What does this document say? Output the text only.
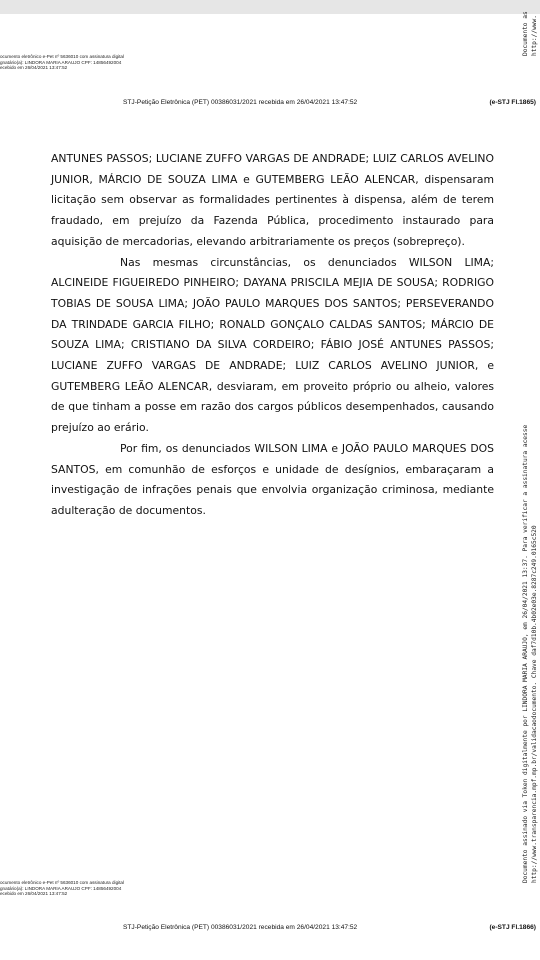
Documento as http://www.
ocumento eletrônico e-Pet nº 5636010 com assinatura digital
gnatário(a): LINDORA MARIA ARAUJO CPF: 14856492004
ecebido em 26/04/2021 13:47:52
STJ-Petição Eletrônica (PET) 00386031/2021 recebida em 26/04/2021 13:47:52	(e-STJ Fl.1865)

ANTUNES PASSOS; LUCIANE ZUFFO VARGAS DE ANDRADE; LUIZ CARLOS AVELINO JUNIOR, MÁRCIO DE SOUZA LIMA e GUTEMBERG LEÃO ALENCAR, dispensaram licitação sem observar as formalidades pertinentes à dispensa, além de terem fraudado, em prejuízo da Fazenda Pública, procedimento instaurado para aquisição de mercadorias, elevando arbitrariamente os preços (sobrepreço).

Nas mesmas circunstâncias, os denunciados WILSON LIMA; ALCINEIDE FIGUEIREDO PINHEIRO; DAYANA PRISCILA MEJIA DE SOUSA; RODRIGO TOBIAS DE SOUSA LIMA; JOÃO PAULO MARQUES DOS SANTOS; PERSEVERANDO DA TRINDADE GARCIA FILHO; RONALD GONÇALO CALDAS SANTOS; MÁRCIO DE SOUZA LIMA; CRISTIANO DA SILVA CORDEIRO; FÁBIO JOSÉ ANTUNES PASSOS; LUCIANE ZUFFO VARGAS DE ANDRADE; LUIZ CARLOS AVELINO JUNIOR, e GUTEMBERG LEÃO ALENCAR, desviaram, em proveito próprio ou alheio, valores de que tinham a posse em razão dos cargos públicos desempenhados, causando prejuízo ao erário.

Por fim, os denunciados WILSON LIMA e JOÃO PAULO MARQUES DOS SANTOS, em comunhão de esforços e unidade de desígnios, embaraçaram a investigação de infrações penais que envolvia organização criminosa, mediante adulteração de documentos.	Documento assinado via Token digitalmente por LINDORA MARIA ARAUJO, em 26/04/2021 13:37. Para verificar a assinatura acesse http://www.transparencia.mpf.mp.br/validacaodocumento. Chave daf7d10b.4b02e03e.8287c249.0165c520
ocumento eletrônico e-Pet nº 5636010 com assinatura digital
gnatário(a): LINDORA MARIA ARAUJO CPF: 14856492004
ecebido em 26/04/2021 13:47:52
STJ-Petição Eletrônica (PET) 00386031/2021 recebida em 26/04/2021 13:47:52	(e-STJ Fl.1866)
